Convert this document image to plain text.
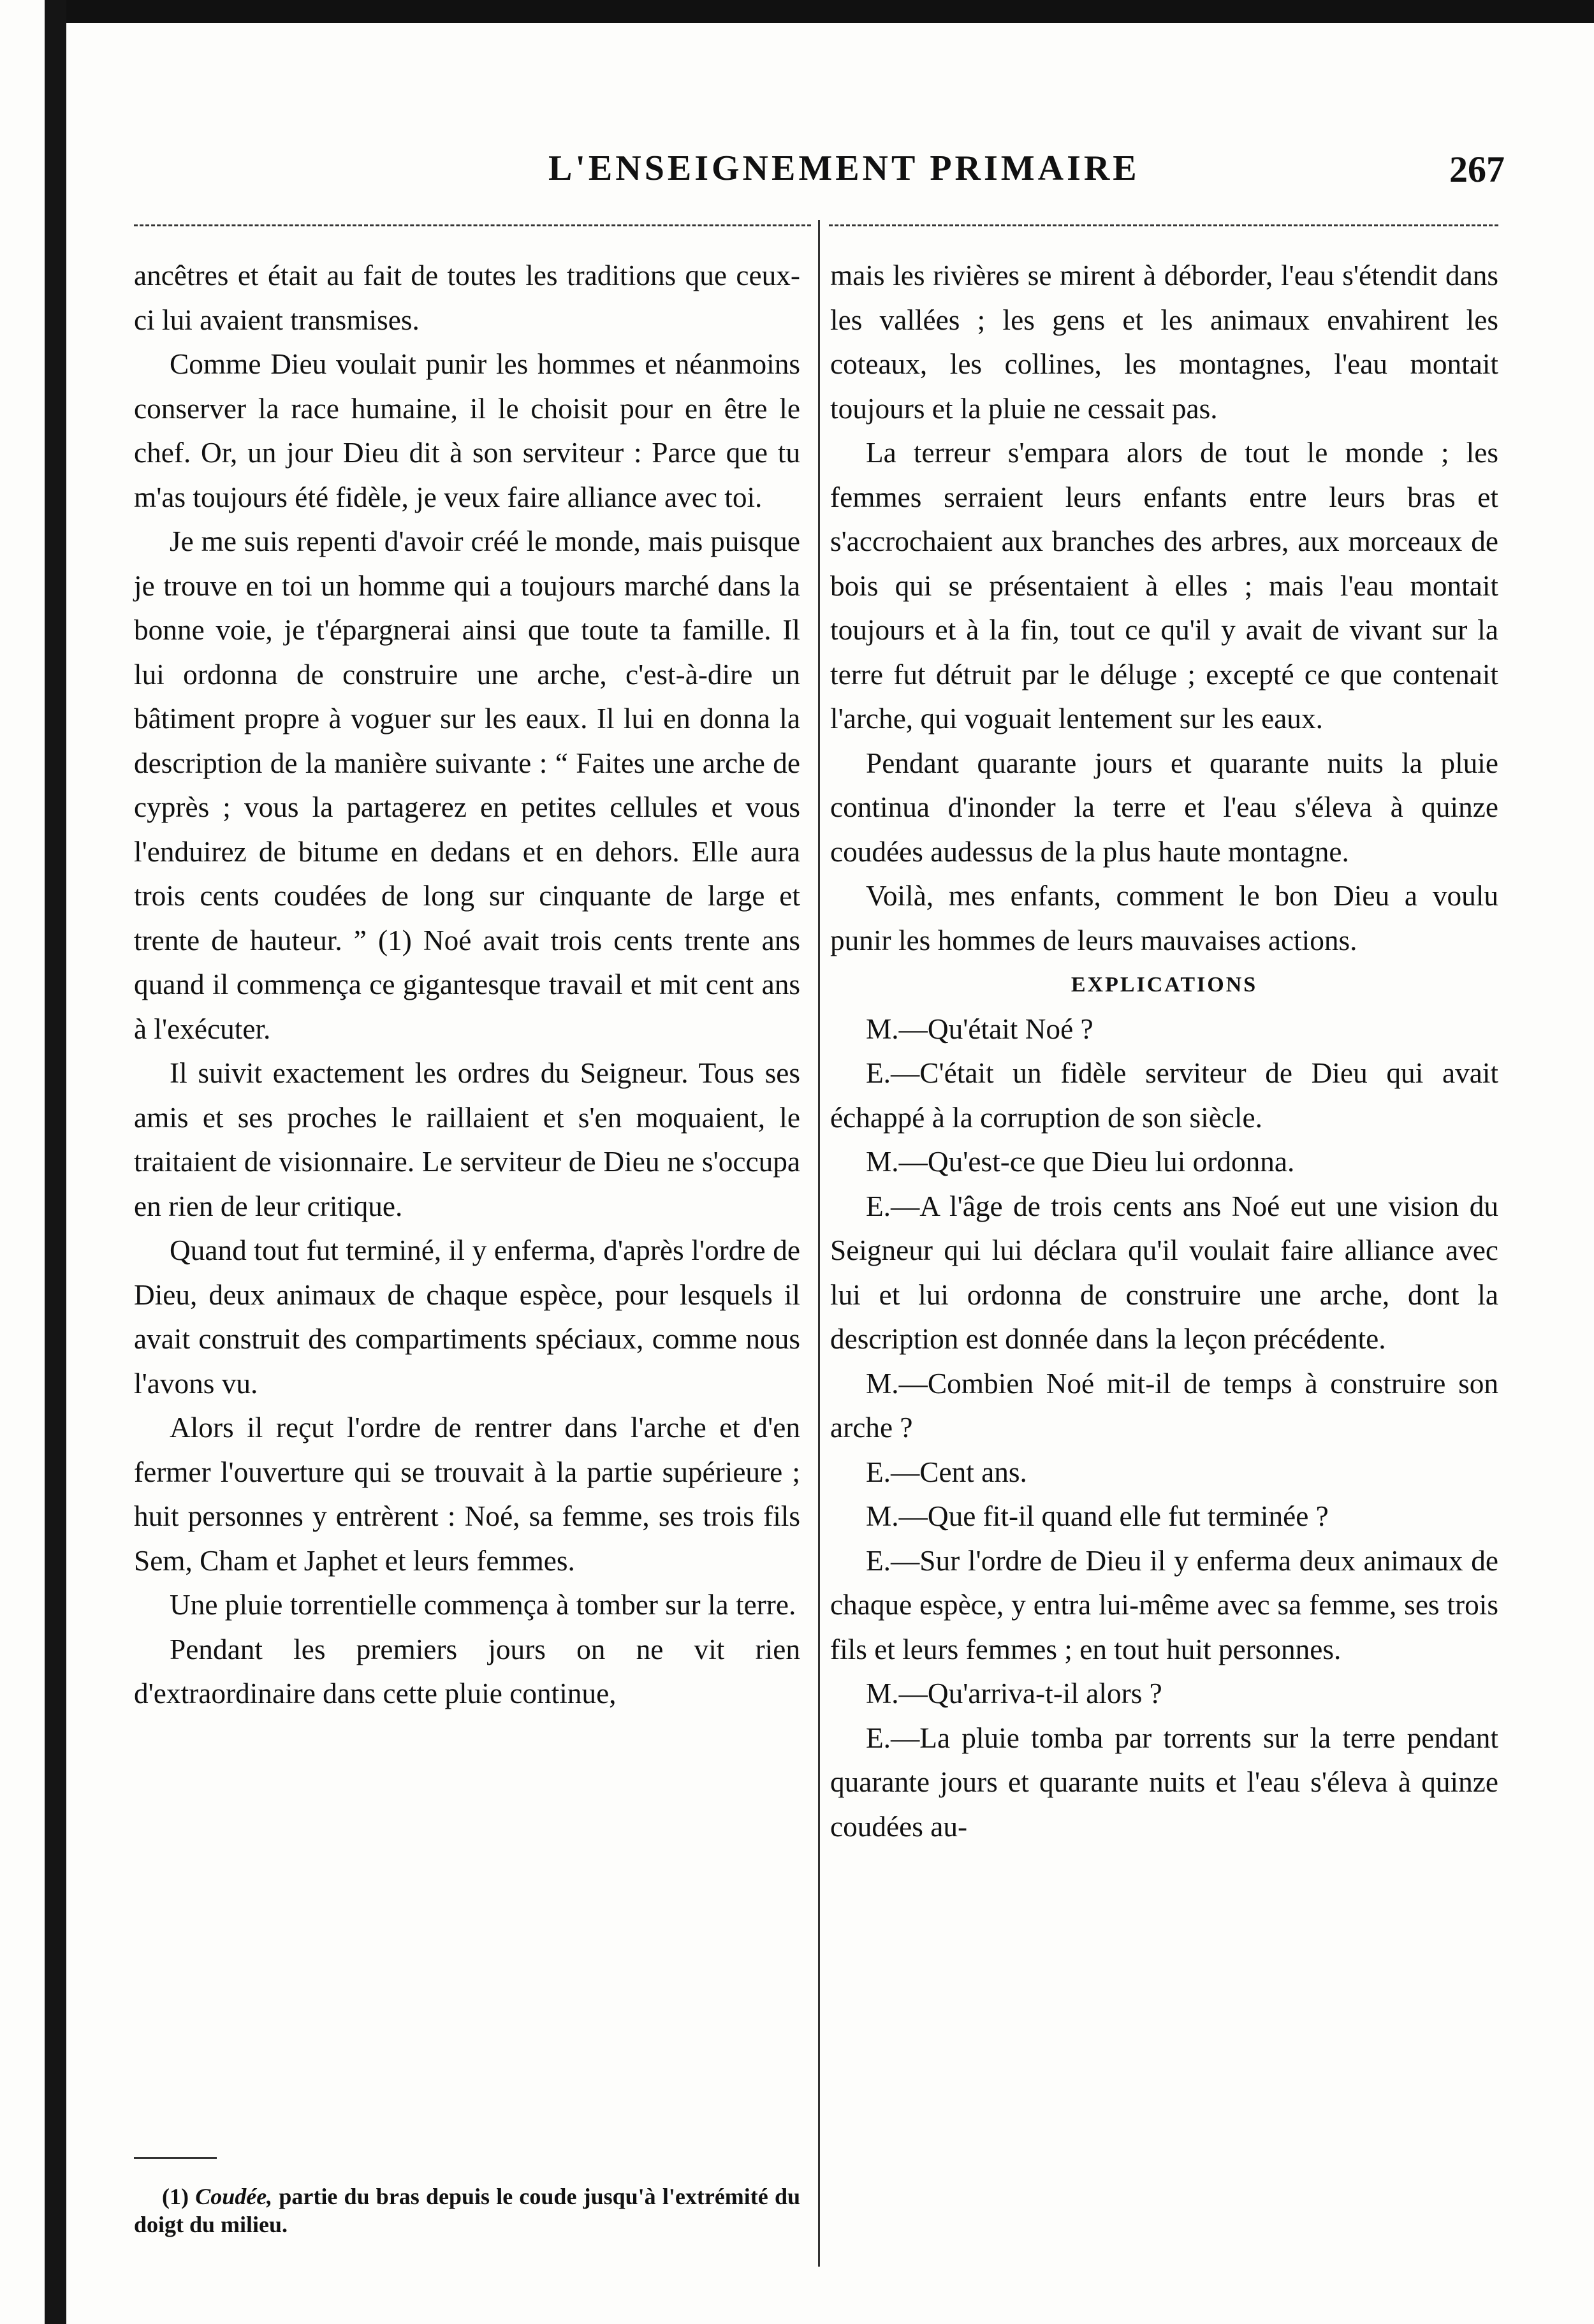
L'ENSEIGNEMENT PRIMAIRE	267

ancêtres et était au fait de toutes les traditions que ceux-ci lui avaient transmises.

Comme Dieu voulait punir les hommes et néanmoins conserver la race humaine, il le choisit pour en être le chef. Or, un jour Dieu dit à son serviteur : Parce que tu m'as toujours été fidèle, je veux faire alliance avec toi.

Je me suis repenti d'avoir créé le monde, mais puisque je trouve en toi un homme qui a toujours marché dans la bonne voie, je t'épargnerai ainsi que toute ta famille. Il lui ordonna de construire une arche, c'est-à-dire un bâtiment propre à voguer sur les eaux. Il lui en donna la description de la manière suivante : “ Faites une arche de cyprès ; vous la partagerez en petites cellules et vous l'enduirez de bitume en dedans et en dehors. Elle aura trois cents coudées de long sur cinquante de large et trente de hauteur. ” (1) Noé avait trois cents trente ans quand il commença ce gigantesque travail et mit cent ans à l'exécuter.

Il suivit exactement les ordres du Seigneur. Tous ses amis et ses proches le raillaient et s'en moquaient, le traitaient de visionnaire. Le serviteur de Dieu ne s'occupa en rien de leur critique.

Quand tout fut terminé, il y enferma, d'après l'ordre de Dieu, deux animaux de chaque espèce, pour lesquels il avait construit des compartiments spéciaux, comme nous l'avons vu.

Alors il reçut l'ordre de rentrer dans l'arche et d'en fermer l'ouverture qui se trouvait à la partie supérieure ; huit personnes y entrèrent : Noé, sa femme, ses trois fils Sem, Cham et Japhet et leurs femmes.

Une pluie torrentielle commença à tomber sur la terre.

Pendant les premiers jours on ne vit rien d'extraordinaire dans cette pluie continue,

(1) Coudée, partie du bras depuis le coude jusqu'à l'extrémité du doigt du milieu.

mais les rivières se mirent à déborder, l'eau s'étendit dans les vallées ; les gens et les animaux envahirent les coteaux, les collines, les montagnes, l'eau montait toujours et la pluie ne cessait pas.

La terreur s'empara alors de tout le monde ; les femmes serraient leurs enfants entre leurs bras et s'accrochaient aux branches des arbres, aux morceaux de bois qui se présentaient à elles ; mais l'eau montait toujours et à la fin, tout ce qu'il y avait de vivant sur la terre fut détruit par le déluge ; excepté ce que contenait l'arche, qui voguait lentement sur les eaux.

Pendant quarante jours et quarante nuits la pluie continua d'inonder la terre et l'eau s'éleva à quinze coudées audessus de la plus haute montagne.

Voilà, mes enfants, comment le bon Dieu a voulu punir les hommes de leurs mauvaises actions.

EXPLICATIONS

M.—Qu'était Noé ?

E.—C'était un fidèle serviteur de Dieu qui avait échappé à la corruption de son siècle.

M.—Qu'est-ce que Dieu lui ordonna.

E.—A l'âge de trois cents ans Noé eut une vision du Seigneur qui lui déclara qu'il voulait faire alliance avec lui et lui ordonna de construire une arche, dont la description est donnée dans la leçon précédente.

M.—Combien Noé mit-il de temps à construire son arche ?

E.—Cent ans.

M.—Que fit-il quand elle fut terminée ?

E.—Sur l'ordre de Dieu il y enferma deux animaux de chaque espèce, y entra lui-même avec sa femme, ses trois fils et leurs femmes ; en tout huit personnes.

M.—Qu'arriva-t-il alors ?

E.—La pluie tomba par torrents sur la terre pendant quarante jours et quarante nuits et l'eau s'éleva à quinze coudées au-
